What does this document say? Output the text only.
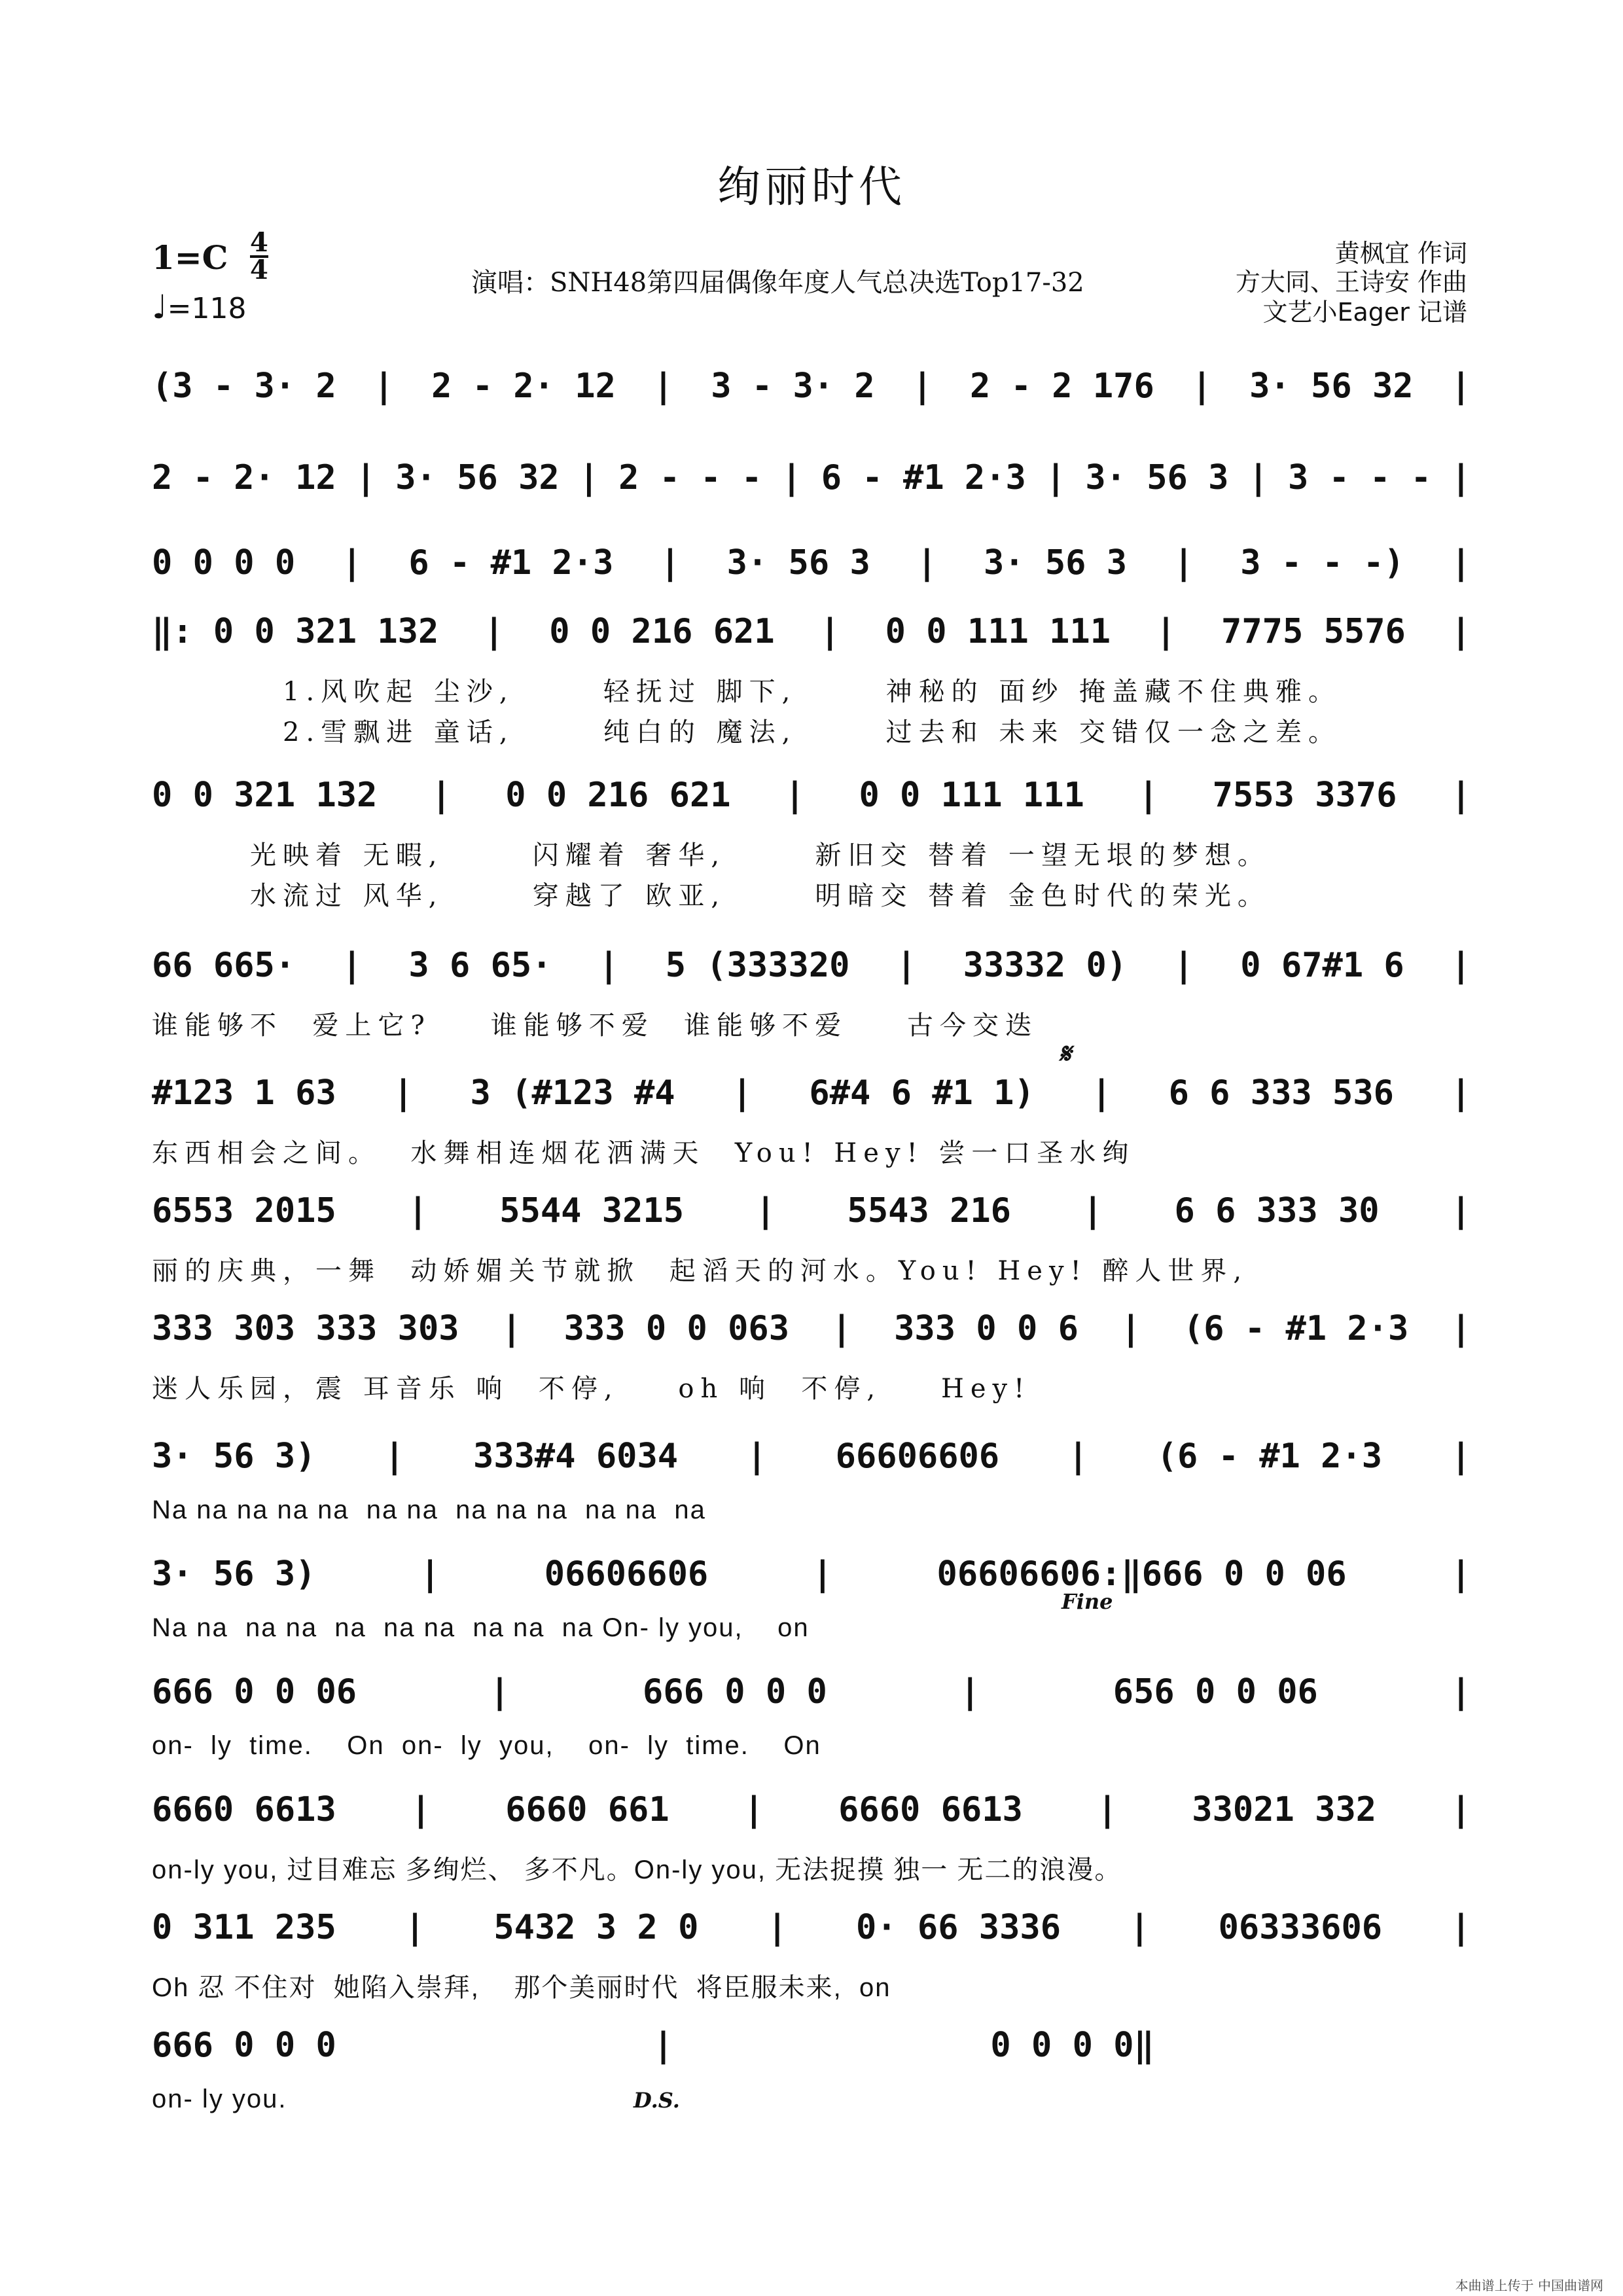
绚丽时代
1=C 4
4
♩=118
演唱：SNH48第四届偶像年度人气总决选Top17-32
黄枫宜 作词
方大同、王诗安 作曲
文艺小Eager 记谱
(3 - 3· 2 | 2 - 2· 12 | 3 - 3· 2 | 2 - 2 176 | 3· 56 32 |
2 - 2· 12 | 3· 56 32 | 2 - - - | 6 - #1 2·3 | 3· 56 3 | 3 - - - |
0 0 0 0 | 6 - #1 2·3 | 3· 56 3 | 3· 56 3 | 3 - - -) |
‖: 0 0 321 132 | 0 0 216 621 | 0 0 111 111 | 7775 5576 |
1.风吹起 尘沙,      轻抚过 脚下,      神秘的 面纱 掩盖藏不住典雅。
2.雪飘进 童话,      纯白的 魔法,      过去和 未来 交错仅一念之差。
0 0 321 132 | 0 0 216 621 | 0 0 111 111 | 7553 3376 |
光映着 无暇,      闪耀着 奢华,      新旧交 替着 一望无垠的梦想。
水流过 风华,      穿越了 欧亚,      明暗交 替着 金色时代的荣光。
66 665· | 3 6 65· | 5 (333320 | 33332 0) | 0 67#1 6 |
谁能够不  爱上它?    谁能够不爱  谁能够不爱    古今交迭
#123 1 63 | 3 (#123 #4 | 6#4 6 #1 1) | 6 6 333 536 |
东西相会之间。  水舞相连烟花洒满天  You! Hey! 尝一口圣水绚
6553 2015 | 5544 3215 | 5543 216 | 6 6 333 30 |
丽的庆典，一舞  动娇媚关节就掀  起滔天的河水。You! Hey! 醉人世界,
333 303 333 303 | 333 0 0 063 | 333 0 0 6 | (6 - #1 2·3 |
迷人乐园，震 耳音乐 响  不停,    oh 响  不停,    Hey!
3· 56 3) | 333#4 6034 | 66606606 | (6 - #1 2·3 |
Na na na na na  na na  na na na  na na  na
3· 56 3)	|	06606606	|	06606606:‖666 0 0 06	|
Na na  na na  na  na na  na na  na On- ly you,    on
666 0 0 06	|	666 0 0 0	|	656 0 0 06	|
on-  ly  time.    On  on-  ly  you,    on-  ly  time.    On
6660 6613 | 6660 661 | 6660 6613 | 33021 332 |
on-ly you, 过目难忘 多绚烂、 多不凡。On-ly you, 无法捉摸 独一 无二的浪漫。
0 311 235 | 5432 3 2 0 | 0· 66 3336 | 06333606 |
Oh 忍 不住对  她陷入崇拜,    那个美丽时代  将臣服未来,  on
666 0 0 0	|	0 0 0 0‖
on- ly you.
𝄋
Fine
D.S.
本曲谱上传于 中国曲谱网
